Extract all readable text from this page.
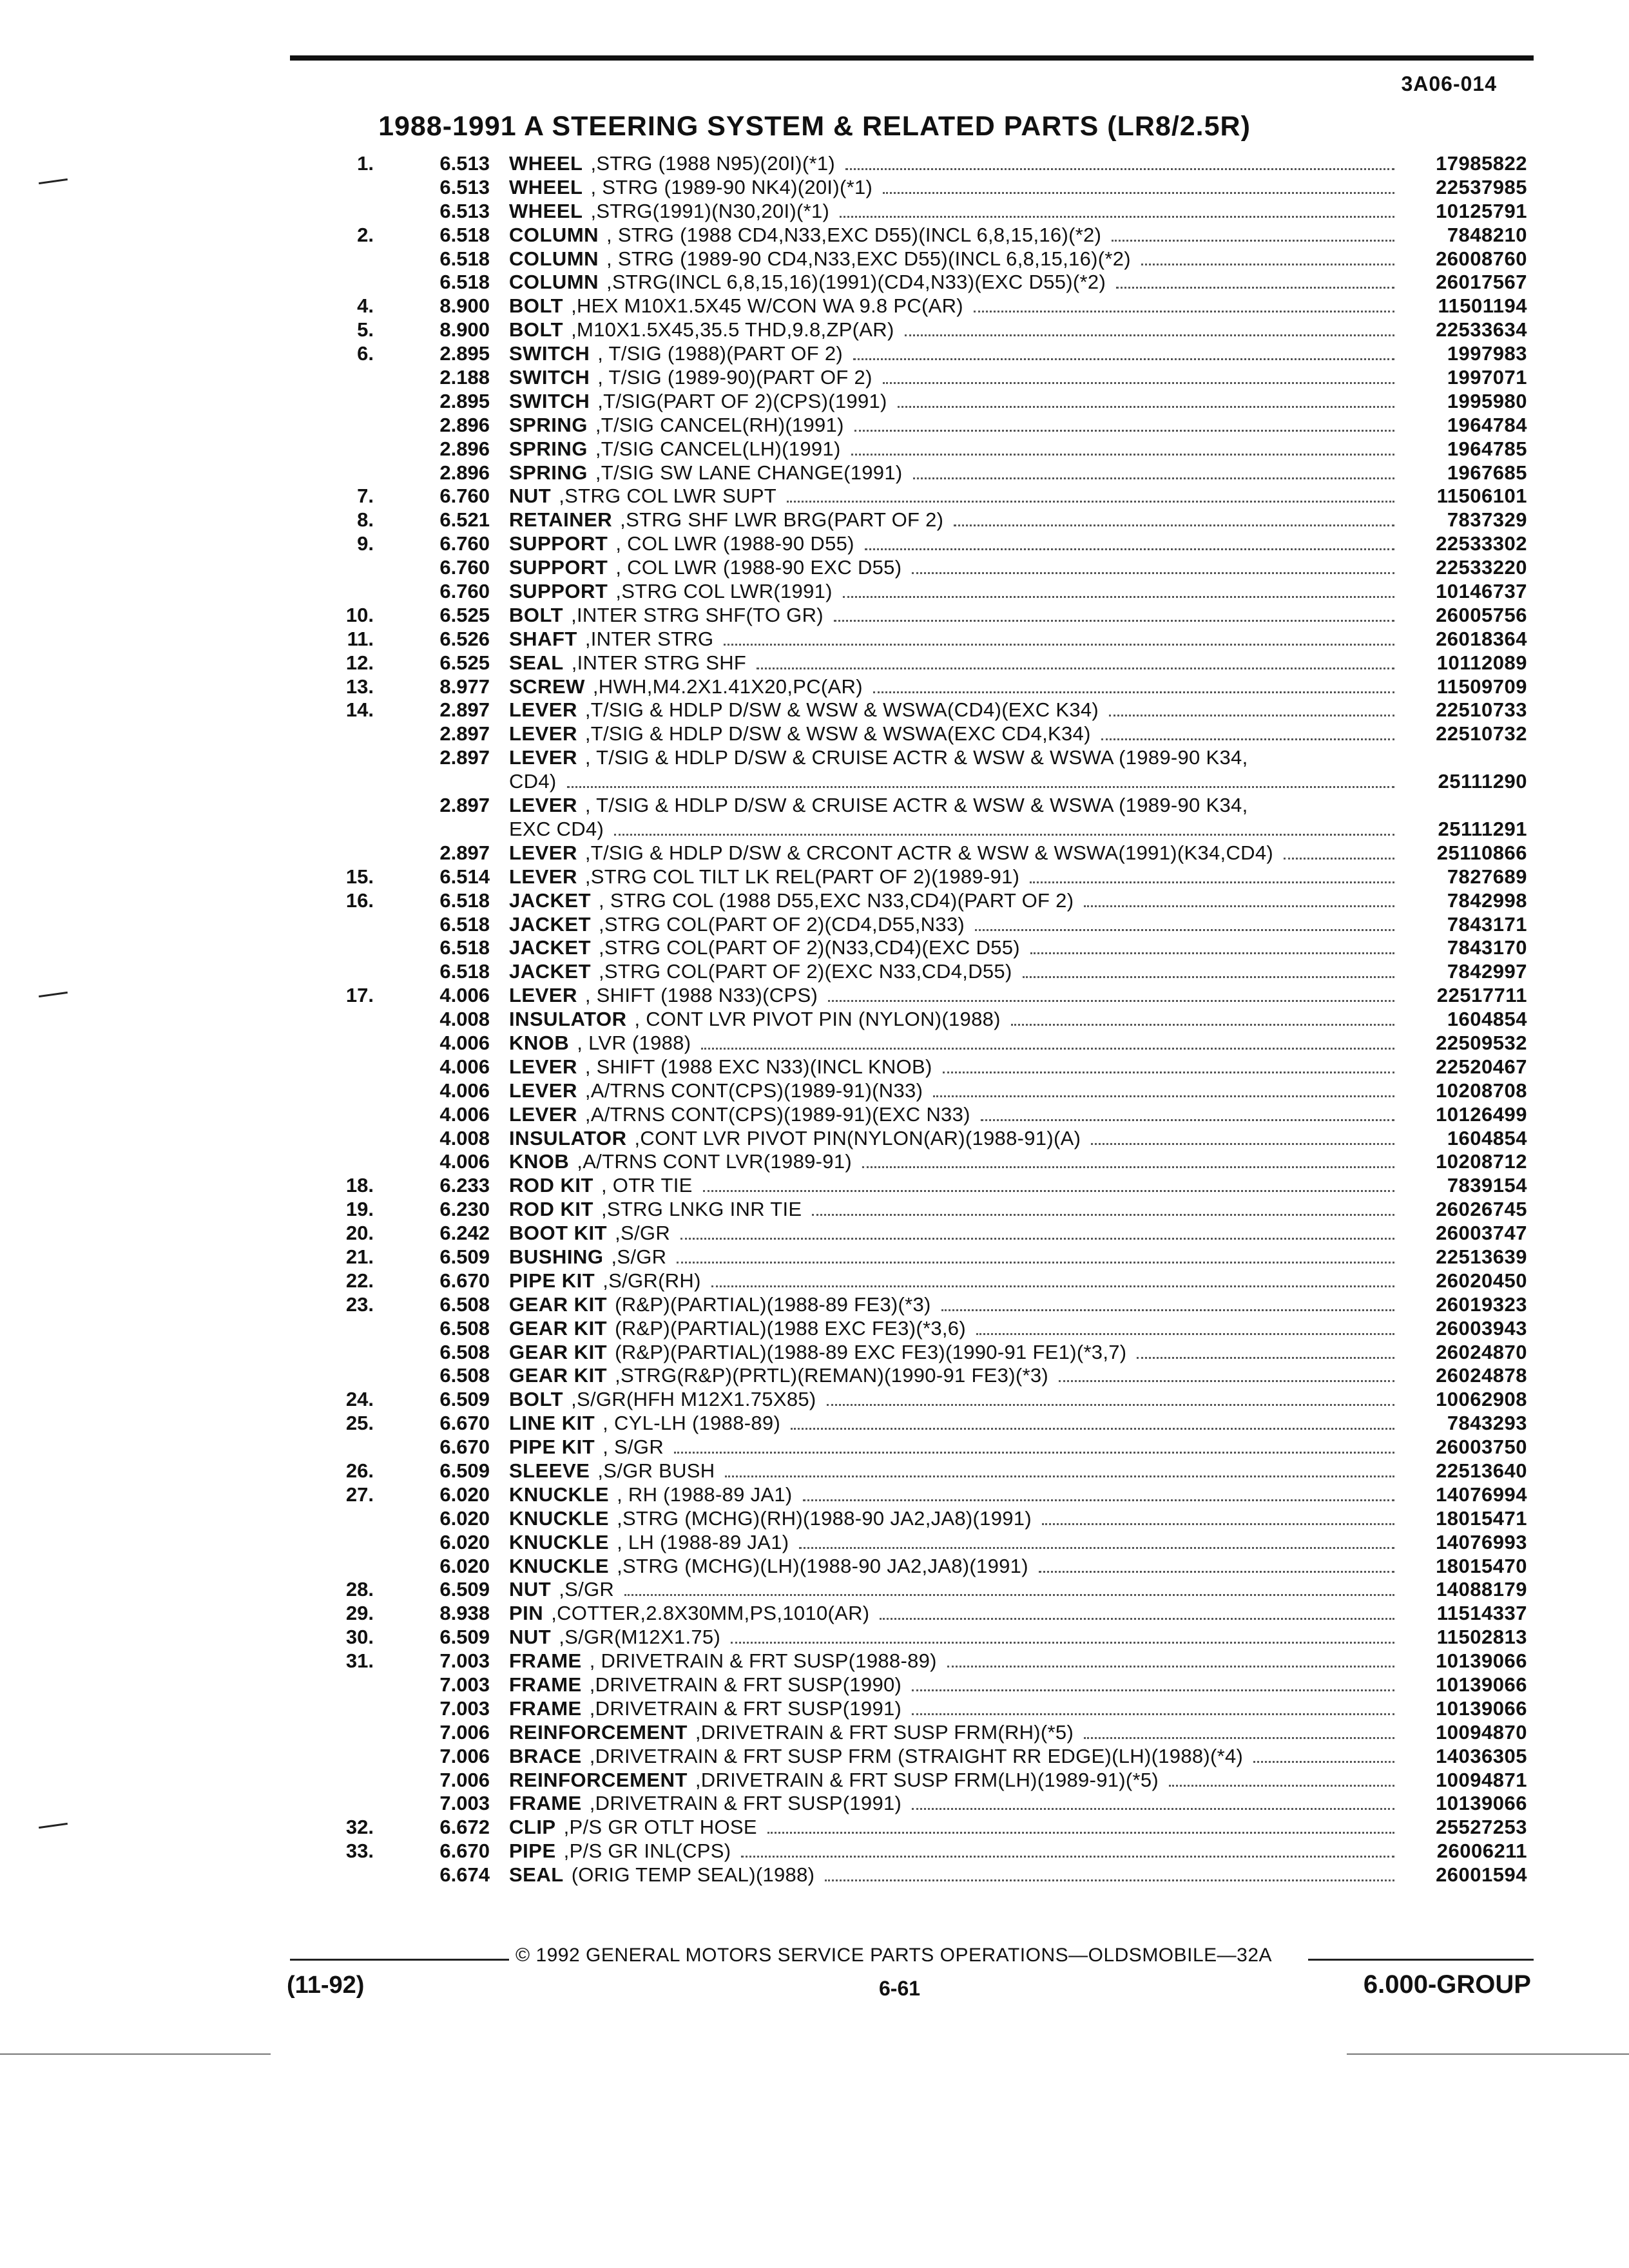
3A06-014
1988-1991 A STEERING SYSTEM & RELATED PARTS (LR8/2.5R)
1.	6.513 WHEEL ,STRG (1988 N95)(20I)(*1)	17985822
6.513 WHEEL , STRG (1989-90 NK4)(20I)(*1)	22537985
6.513 WHEEL ,STRG(1991)(N30,20I)(*1)	10125791
2.	6.518 COLUMN , STRG (1988 CD4,N33,EXC D55)(INCL 6,8,15,16)(*2)	7848210
6.518 COLUMN , STRG (1989-90 CD4,N33,EXC D55)(INCL 6,8,15,16)(*2)	26008760
6.518 COLUMN ,STRG(INCL 6,8,15,16)(1991)(CD4,N33)(EXC D55)(*2)	26017567
4.	8.900 BOLT ,HEX M10X1.5X45 W/CON WA 9.8 PC(AR)	11501194
5.	8.900 BOLT ,M10X1.5X45,35.5 THD,9.8,ZP(AR)	22533634
6.	2.895 SWITCH , T/SIG (1988)(PART OF 2)	1997983
2.188 SWITCH , T/SIG (1989-90)(PART OF 2)	1997071
2.895 SWITCH ,T/SIG(PART OF 2)(CPS)(1991)	1995980
2.896 SPRING ,T/SIG CANCEL(RH)(1991)	1964784
2.896 SPRING ,T/SIG CANCEL(LH)(1991)	1964785
2.896 SPRING ,T/SIG SW LANE CHANGE(1991)	1967685
7.	6.760 NUT ,STRG COL LWR SUPT	11506101
8.	6.521 RETAINER ,STRG SHF LWR BRG(PART OF 2)	7837329
9.	6.760 SUPPORT , COL LWR (1988-90 D55)	22533302
6.760 SUPPORT , COL LWR (1988-90 EXC D55)	22533220
6.760 SUPPORT ,STRG COL LWR(1991)	10146737
10.	6.525 BOLT ,INTER STRG SHF(TO GR)	26005756
11.	6.526 SHAFT ,INTER STRG	26018364
12.	6.525 SEAL ,INTER STRG SHF	10112089
13.	8.977 SCREW ,HWH,M4.2X1.41X20,PC(AR)	11509709
14.	2.897 LEVER ,T/SIG & HDLP D/SW & WSW & WSWA(CD4)(EXC K34)	22510733
2.897 LEVER ,T/SIG & HDLP D/SW & WSW & WSWA(EXC CD4,K34)	22510732
2.897 LEVER , T/SIG & HDLP D/SW & CRUISE ACTR & WSW & WSWA (1989-90 K34,
CD4)	25111290
2.897 LEVER , T/SIG & HDLP D/SW & CRUISE ACTR & WSW & WSWA (1989-90 K34,
EXC CD4)	25111291
2.897 LEVER ,T/SIG & HDLP D/SW & CRCONT ACTR & WSW & WSWA(1991)(K34,CD4)	25110866
15.	6.514 LEVER ,STRG COL TILT LK REL(PART OF 2)(1989-91)	7827689
16.	6.518 JACKET , STRG COL (1988 D55,EXC N33,CD4)(PART OF 2)	7842998
6.518 JACKET ,STRG COL(PART OF 2)(CD4,D55,N33)	7843171
6.518 JACKET ,STRG COL(PART OF 2)(N33,CD4)(EXC D55)	7843170
6.518 JACKET ,STRG COL(PART OF 2)(EXC N33,CD4,D55)	7842997
17.	4.006 LEVER , SHIFT (1988 N33)(CPS)	22517711
4.008 INSULATOR , CONT LVR PIVOT PIN (NYLON)(1988)	1604854
4.006 KNOB , LVR (1988)	22509532
4.006 LEVER , SHIFT (1988 EXC N33)(INCL KNOB)	22520467
4.006 LEVER ,A/TRNS CONT(CPS)(1989-91)(N33)	10208708
4.006 LEVER ,A/TRNS CONT(CPS)(1989-91)(EXC N33)	10126499
4.008 INSULATOR ,CONT LVR PIVOT PIN(NYLON(AR)(1988-91)(A)	1604854
4.006 KNOB ,A/TRNS CONT LVR(1989-91)	10208712
18.	6.233 ROD KIT , OTR TIE	7839154
19.	6.230 ROD KIT ,STRG LNKG INR TIE	26026745
20.	6.242 BOOT KIT ,S/GR	26003747
21.	6.509 BUSHING ,S/GR	22513639
22.	6.670 PIPE KIT ,S/GR(RH)	26020450
23.	6.508 GEAR KIT (R&P)(PARTIAL)(1988-89 FE3)(*3)	26019323
6.508 GEAR KIT (R&P)(PARTIAL)(1988 EXC FE3)(*3,6)	26003943
6.508 GEAR KIT (R&P)(PARTIAL)(1988-89 EXC FE3)(1990-91 FE1)(*3,7)	26024870
6.508 GEAR KIT ,STRG(R&P)(PRTL)(REMAN)(1990-91 FE3)(*3)	26024878
24.	6.509 BOLT ,S/GR(HFH M12X1.75X85)	10062908
25.	6.670 LINE KIT , CYL-LH (1988-89)	7843293
6.670 PIPE KIT , S/GR	26003750
26.	6.509 SLEEVE ,S/GR BUSH	22513640
27.	6.020 KNUCKLE , RH (1988-89 JA1)	14076994
6.020 KNUCKLE ,STRG (MCHG)(RH)(1988-90 JA2,JA8)(1991)	18015471
6.020 KNUCKLE , LH (1988-89 JA1)	14076993
6.020 KNUCKLE ,STRG (MCHG)(LH)(1988-90 JA2,JA8)(1991)	18015470
28.	6.509 NUT ,S/GR	14088179
29.	8.938 PIN ,COTTER,2.8X30MM,PS,1010(AR)	11514337
30.	6.509 NUT ,S/GR(M12X1.75)	11502813
31.	7.003 FRAME , DRIVETRAIN & FRT SUSP(1988-89)	10139066
7.003 FRAME ,DRIVETRAIN & FRT SUSP(1990)	10139066
7.003 FRAME ,DRIVETRAIN & FRT SUSP(1991)	10139066
7.006 REINFORCEMENT ,DRIVETRAIN & FRT SUSP FRM(RH)(*5)	10094870
7.006 BRACE ,DRIVETRAIN & FRT SUSP FRM (STRAIGHT RR EDGE)(LH)(1988)(*4)	14036305
7.006 REINFORCEMENT ,DRIVETRAIN & FRT SUSP FRM(LH)(1989-91)(*5)	10094871
7.003 FRAME ,DRIVETRAIN & FRT SUSP(1991)	10139066
32.	6.672 CLIP ,P/S GR OTLT HOSE	25527253
33.	6.670 PIPE ,P/S GR INL(CPS)	26006211
6.674 SEAL (ORIG TEMP SEAL)(1988)	26001594
© 1992 GENERAL MOTORS SERVICE PARTS OPERATIONS—OLDSMOBILE—32A
(11-92)	6-61	6.000-GROUP
